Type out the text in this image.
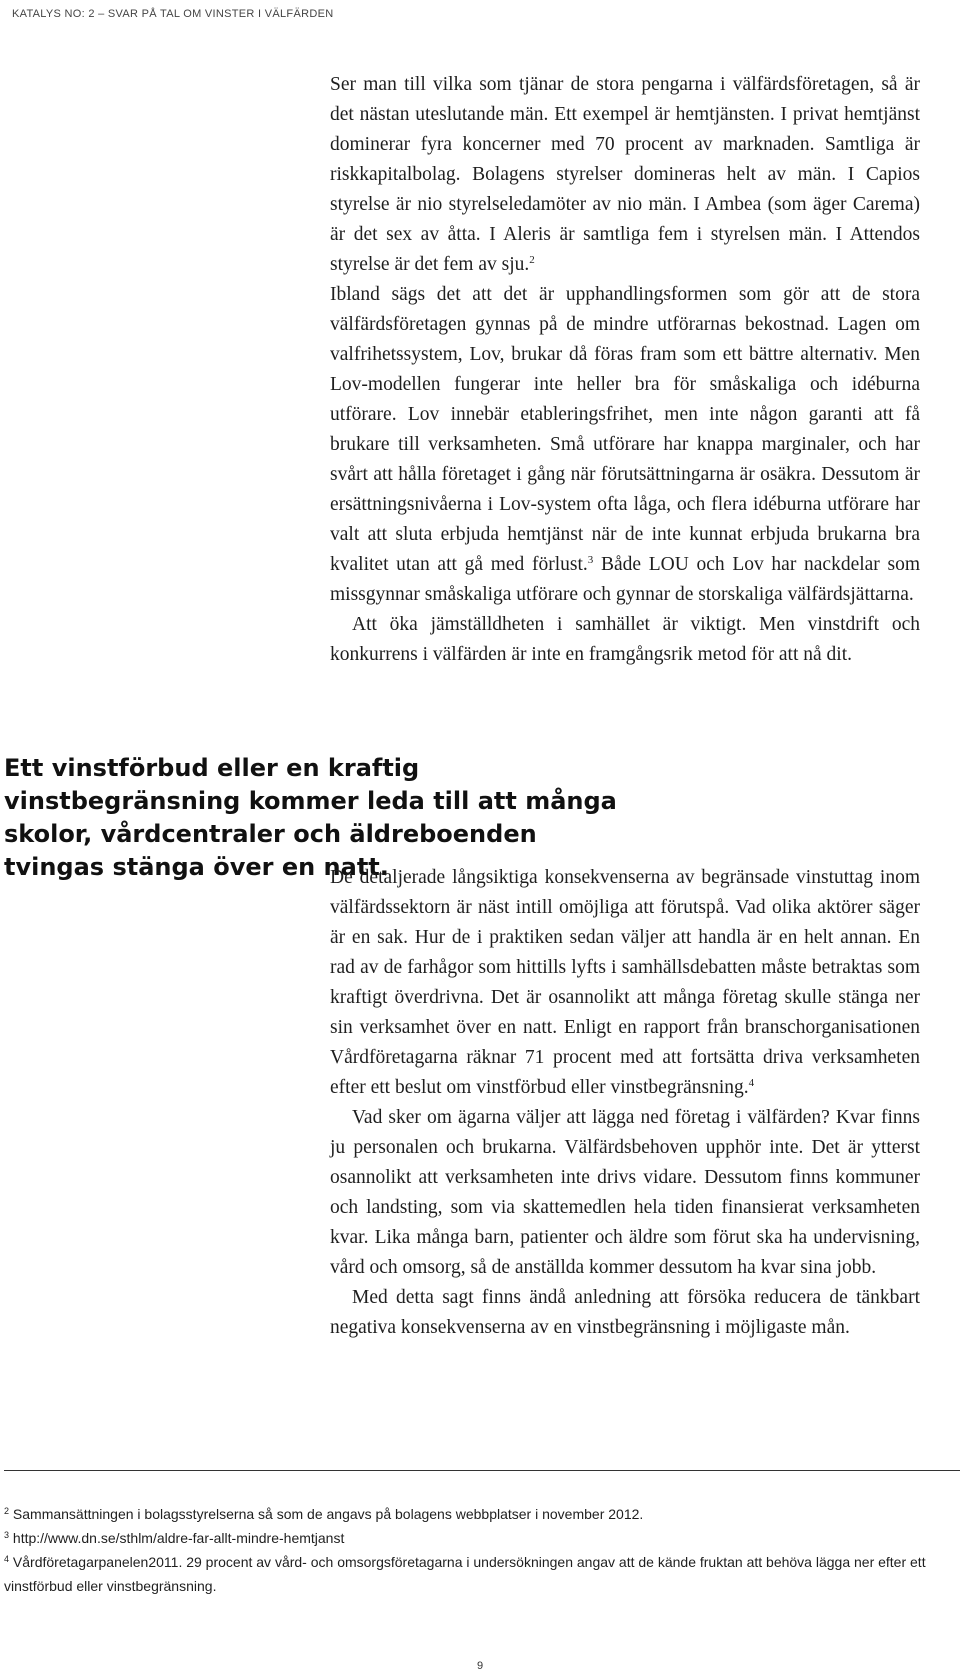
KATALYS NO: 2 – SVAR PÅ TAL OM VINSTER I VÄLFÄRDEN

Ser man till vilka som tjänar de stora pengarna i välfärdsföretagen, så är det nästan uteslutande män. Ett exempel är hemtjänsten. I privat hemtjänst dominerar fyra koncerner med 70 procent av marknaden. Samtliga är riskkapitalbolag. Bolagens styrelser domineras helt av män. I Capios styrelse är nio styrelseledamöter av nio män. I Ambea (som äger Carema) är det sex av åtta. I Aleris är samtliga fem i styrelsen män. I Attendos styrelse är det fem av sju.$^2$

Ibland sägs det att det är upphandlingsformen som gör att de stora välfärdsföretagen gynnas på de mindre utförarnas bekostnad. Lagen om valfrihetssystem, Lov, brukar då föras fram som ett bättre alternativ. Men Lov-modellen fungerar inte heller bra för småskaliga och idéburna utförare. Lov innebär etableringsfrihet, men inte någon garanti att få brukare till verksamheten. Små utförare har knappa marginaler, och har svårt att hålla företaget i gång när förutsättningarna är osäkra. Dessutom är ersättningsnivåerna i Lov-system ofta låga, och flera idéburna utförare har valt att sluta erbjuda hemtjänst när de inte kunnat erbjuda brukarna bra kvalitet utan att gå med förlust.$^3$ Både LOU och Lov har nackdelar som missgynnar småskaliga utförare och gynnar de storskaliga välfärdsjättarna.

Att öka jämställdheten i samhället är viktigt. Men vinstdrift och konkurrens i välfärden är inte en framgångsrik metod för att nå dit.

Ett vinstförbud eller en kraftig vinstbegränsning kommer leda till att många skolor, vårdcentraler och äldreboenden tvingas stänga över en natt.

De detaljerade långsiktiga konsekvenserna av begränsade vinstuttag inom välfärdssektorn är näst intill omöjliga att förutspå. Vad olika aktörer säger är en sak. Hur de i praktiken sedan väljer att handla är en helt annan. En rad av de farhågor som hittills lyfts i samhällsdebatten måste betraktas som kraftigt överdrivna. Det är osannolikt att många företag skulle stänga ner sin verksamhet över en natt. Enligt en rapport från branschorganisationen Vårdföretagarna räknar 71 procent med att fortsätta driva verksamheten efter ett beslut om vinstförbud eller vinstbegränsning.$^4$

Vad sker om ägarna väljer att lägga ned företag i välfärden? Kvar finns ju personalen och brukarna. Välfärdsbehoven upphör inte. Det är ytterst osannolikt att verksamheten inte drivs vidare. Dessutom finns kommuner och landsting, som via skattemedlen hela tiden finansierat verksamheten kvar. Lika många barn, patienter och äldre som förut ska ha undervisning, vård och omsorg, så de anställda kommer dessutom ha kvar sina jobb.

Med detta sagt finns ändå anledning att försöka reducera de tänkbart negativa konsekvenserna av en vinstbegränsning i möjligaste mån.

$^2$ Sammansättningen i bolagsstyrelserna så som de angavs på bolagens webbplatser i november 2012.

$^3$ http://www.dn.se/sthlm/aldre-far-allt-mindre-hemtjanst

$^4$ Vårdföretagarpanelen2011. 29 procent av vård- och omsorgsföretagarna i undersökningen angav att de kände fruktan att behöva lägga ner efter ett vinstförbud eller vinstbegränsning.

9
